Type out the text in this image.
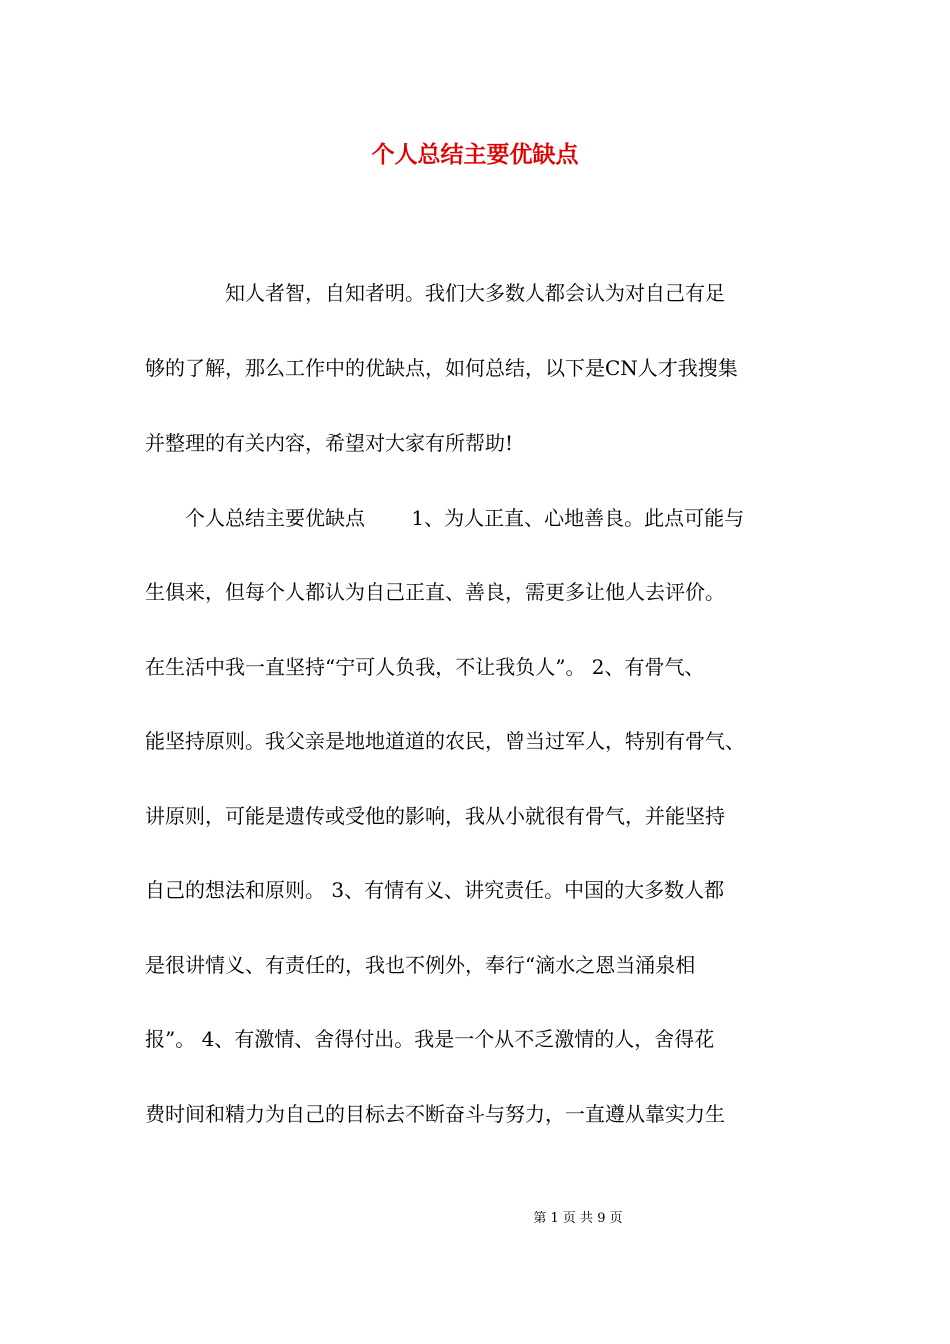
个人总结主要优缺点
　　　　知人者智，自知者明。我们大多数人都会认为对自己有足
够的了解，那么工作中的优缺点，如何总结，以下是CN人才我搜集
并整理的有关内容，希望对大家有所帮助!
　　个人总结主要优缺点　　 1、为人正直、心地善良。此点可能与
生俱来，但每个人都认为自己正直、善良，需更多让他人去评价。
在生活中我一直坚持“宁可人负我，不让我负人”。 2、有骨气、
能坚持原则。我父亲是地地道道的农民，曾当过军人，特别有骨气、
讲原则，可能是遗传或受他的影响，我从小就很有骨气，并能坚持
自己的想法和原则。 3、有情有义、讲究责任。中国的大多数人都
是很讲情义、有责任的，我也不例外，奉行“滴水之恩当涌泉相
报”。 4、有激情、舍得付出。我是一个从不乏激情的人，舍得花
费时间和精力为自己的目标去不断奋斗与努力，一直遵从靠实力生
第 1 页 共 9 页
